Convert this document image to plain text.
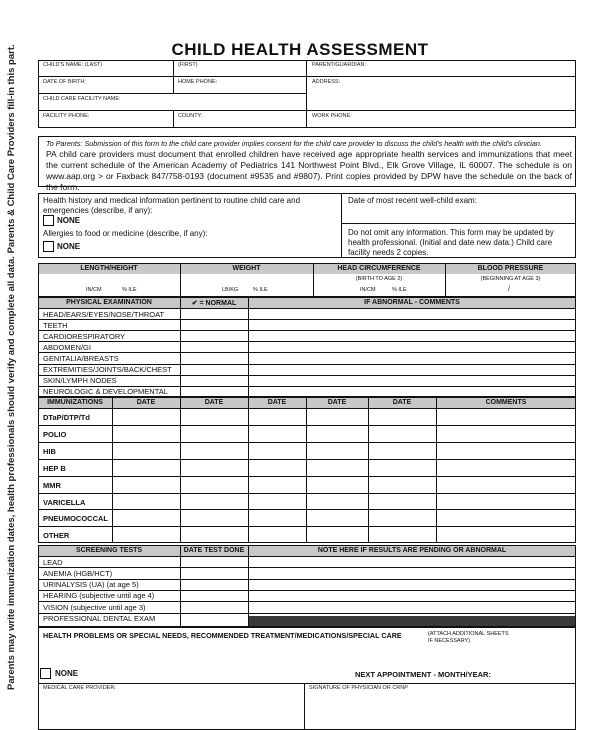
CHILD HEALTH ASSESSMENT
Parents may write immunization dates, health professionals should verify and complete all data. Parents & Child Care Providers fill-in this part.	CHILD'S NAME: (LAST)	(FIRST)	PARENT/GUARDIAN:
DATE OF BIRTH:	HOME PHONE:	ADDRESS:
CHILD CARE FACILITY NAME:
FACILITY PHONE:	COUNTY:	WORK PHONE:
To Parents: Submission of this form to the child care provider implies consent for the child care provider to discuss the child's health with the child's clinician.
PA child care providers must document that enrolled children have received age appropriate health services and immunizations that meet the current schedule of the American Academy of Pediatrics 141 Northwest Point Blvd., Elk Grove Village, IL 60007. The schedule is on www.aap.org > or Faxback 847/758-0193 (document #9535 and #9807). Print copies provided by DPW have the schedule on the back of the form.
Health history and medical information pertinent to routine child care and emergencies (describe, if any):
NONE
Allergies to food or medicine (describe, if any):
NONE
Date of most recent well-child exam:
Do not omit any information. This form may be updated by health professional. (Initial and date new data.) Child care facility needs 2 copies.
LENGTH/HEIGHT	WEIGHT	HEAD CIRCUMFERENCE	BLOOD PRESSURE
(BIRTH TO AGE 2)	(BEGINNING AT AGE 3)
IN/CM	% ILE	LB/KG	% ILE	IN/CM	% ILE	/
PHYSICAL EXAMINATION	✔ = NORMAL	IF ABNORMAL - COMMENTS
HEAD/EARS/EYES/NOSE/THROAT
TEETH
CARDIORESPIRATORY
ABDOMEN/GI
GENITALIA/BREASTS
EXTREMITIES/JOINTS/BACK/CHEST
SKIN/LYMPH NODES
NEUROLOGIC & DEVELOPMENTAL
IMMUNIZATIONS	DATE	DATE	DATE	DATE	DATE	COMMENTS
DTaP/DTP/Td
POLIO
HIB
HEP B
MMR
VARICELLA
PNEUMOCOCCAL
OTHER
SCREENING TESTS	DATE TEST DONE	NOTE HERE IF RESULTS ARE PENDING OR ABNORMAL
LEAD
ANEMIA (HGB/HCT)
URINALYSIS (UA) (at age 5)
HEARING (subjective until age 4)
VISION (subjective until age 3)
PROFESSIONAL DENTAL EXAM
HEALTH PROBLEMS OR SPECIAL NEEDS, RECOMMENDED TREATMENT/MEDICATIONS/SPECIAL CARE	(ATTACH ADDITIONAL SHEETS IF NECESSARY)
NONE	NEXT APPOINTMENT - MONTH/YEAR:
MEDICAL CARE PROVIDER:	SIGNATURE OF PHYSICIAN OR CRNP
